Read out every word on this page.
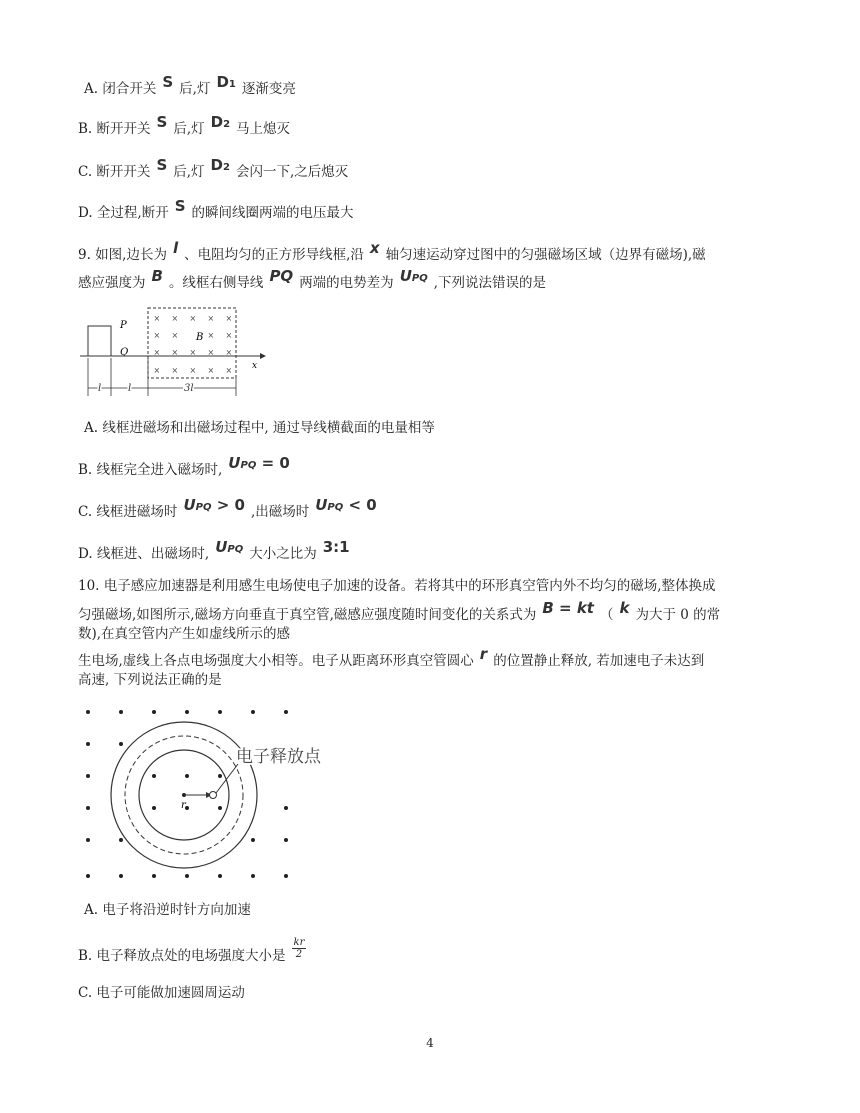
A. 闭合开关 S 后,灯 D1 逐渐变亮
B. 断开开关 S 后,灯 D2 马上熄灭
C. 断开开关 S 后,灯 D2 会闪一下,之后熄灭
D. 全过程,断开 S 的瞬间线圈两端的电压最大
9. 如图,边长为 l 、电阻均匀的正方形导线框,沿 x 轴匀速运动穿过图中的匀强磁场区域（边界有磁场),磁
感应强度为 B 。线框右侧导线 PQ 两端的电势差为 UPQ ,下列说法错误的是
P
Q
× × × × ×
× ×	× ×
× × × × ×
× × × × ×
B
x
l	l	3l
A. 线框进磁场和出磁场过程中, 通过导线横截面的电量相等
B. 线框完全进入磁场时, UPQ = 0
C. 线框进磁场时 UPQ > 0 ,出磁场时 UPQ < 0
D. 线框进、出磁场时, UPQ 大小之比为 3:1
10. 电子感应加速器是利用感生电场使电子加速的设备。若将其中的环形真空管内外不均匀的磁场,整体换成
匀强磁场,如图所示,磁场方向垂直于真空管,磁感应强度随时间变化的关系式为 B = kt （ k 为大于 0 的常
数),在真空管内产生如虚线所示的感
生电场,虚线上各点电场强度大小相等。电子从距离环形真空管圆心 r 的位置静止释放, 若加速电子未达到
高速, 下列说法正确的是
r
电子释放点
A. 电子将沿逆时针方向加速
B. 电子释放点处的电场强度大小是 $\frac{kr}{2}$
C. 电子可能做加速圆周运动
4
